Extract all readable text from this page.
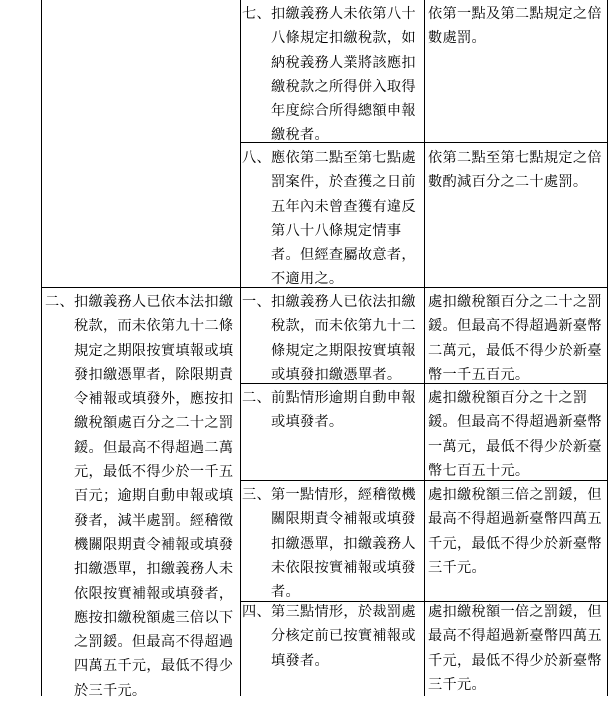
七、 扣繳義務人未依第八十八條規定扣繳稅款，如納稅義務人業將該應扣繳稅款之所得併入取得年度綜合所得總額申報繳稅者。
依第一點及第二點規定之倍數處罰。
八、 應依第二點至第七點處罰案件，於查獲之日前五年內未曾查獲有違反第八十八條規定情事者。但經查屬故意者，不適用之。
依第二點至第七點規定之倍數酌減百分之二十處罰。
二、 扣繳義務人已依本法扣繳稅款，而未依第九十二條規定之期限按實填報或填發扣繳憑單者，除限期責令補報或填發外，應按扣繳稅額處百分之二十之罰鍰。但最高不得超過二萬元，最低不得少於一千五百元；逾期自動申報或填發者，減半處罰。經稽徵機關限期責令補報或填發扣繳憑單，扣繳義務人未依限按實補報或填發者，應按扣繳稅額處三倍以下之罰鍰。但最高不得超過四萬五千元，最低不得少於三千元。
一、 扣繳義務人已依法扣繳稅款，而未依第九十二條規定之期限按實填報或填發扣繳憑單者。
處扣繳稅額百分之二十之罰鍰。但最高不得超過新臺幣二萬元，最低不得少於新臺幣一千五百元。
二、 前點情形逾期自動申報或填發者。
處扣繳稅額百分之十之罰鍰。但最高不得超過新臺幣一萬元，最低不得少於新臺幣七百五十元。
三、 第一點情形，經稽徵機關限期責令補報或填發扣繳憑單，扣繳義務人未依限按實補報或填發者。
處扣繳稅額三倍之罰鍰，但最高不得超過新臺幣四萬五千元，最低不得少於新臺幣三千元。
四、 第三點情形，於裁罰處分核定前已按實補報或填發者。
處扣繳稅額一倍之罰鍰，但最高不得超過新臺幣四萬五千元，最低不得少於新臺幣三千元。
